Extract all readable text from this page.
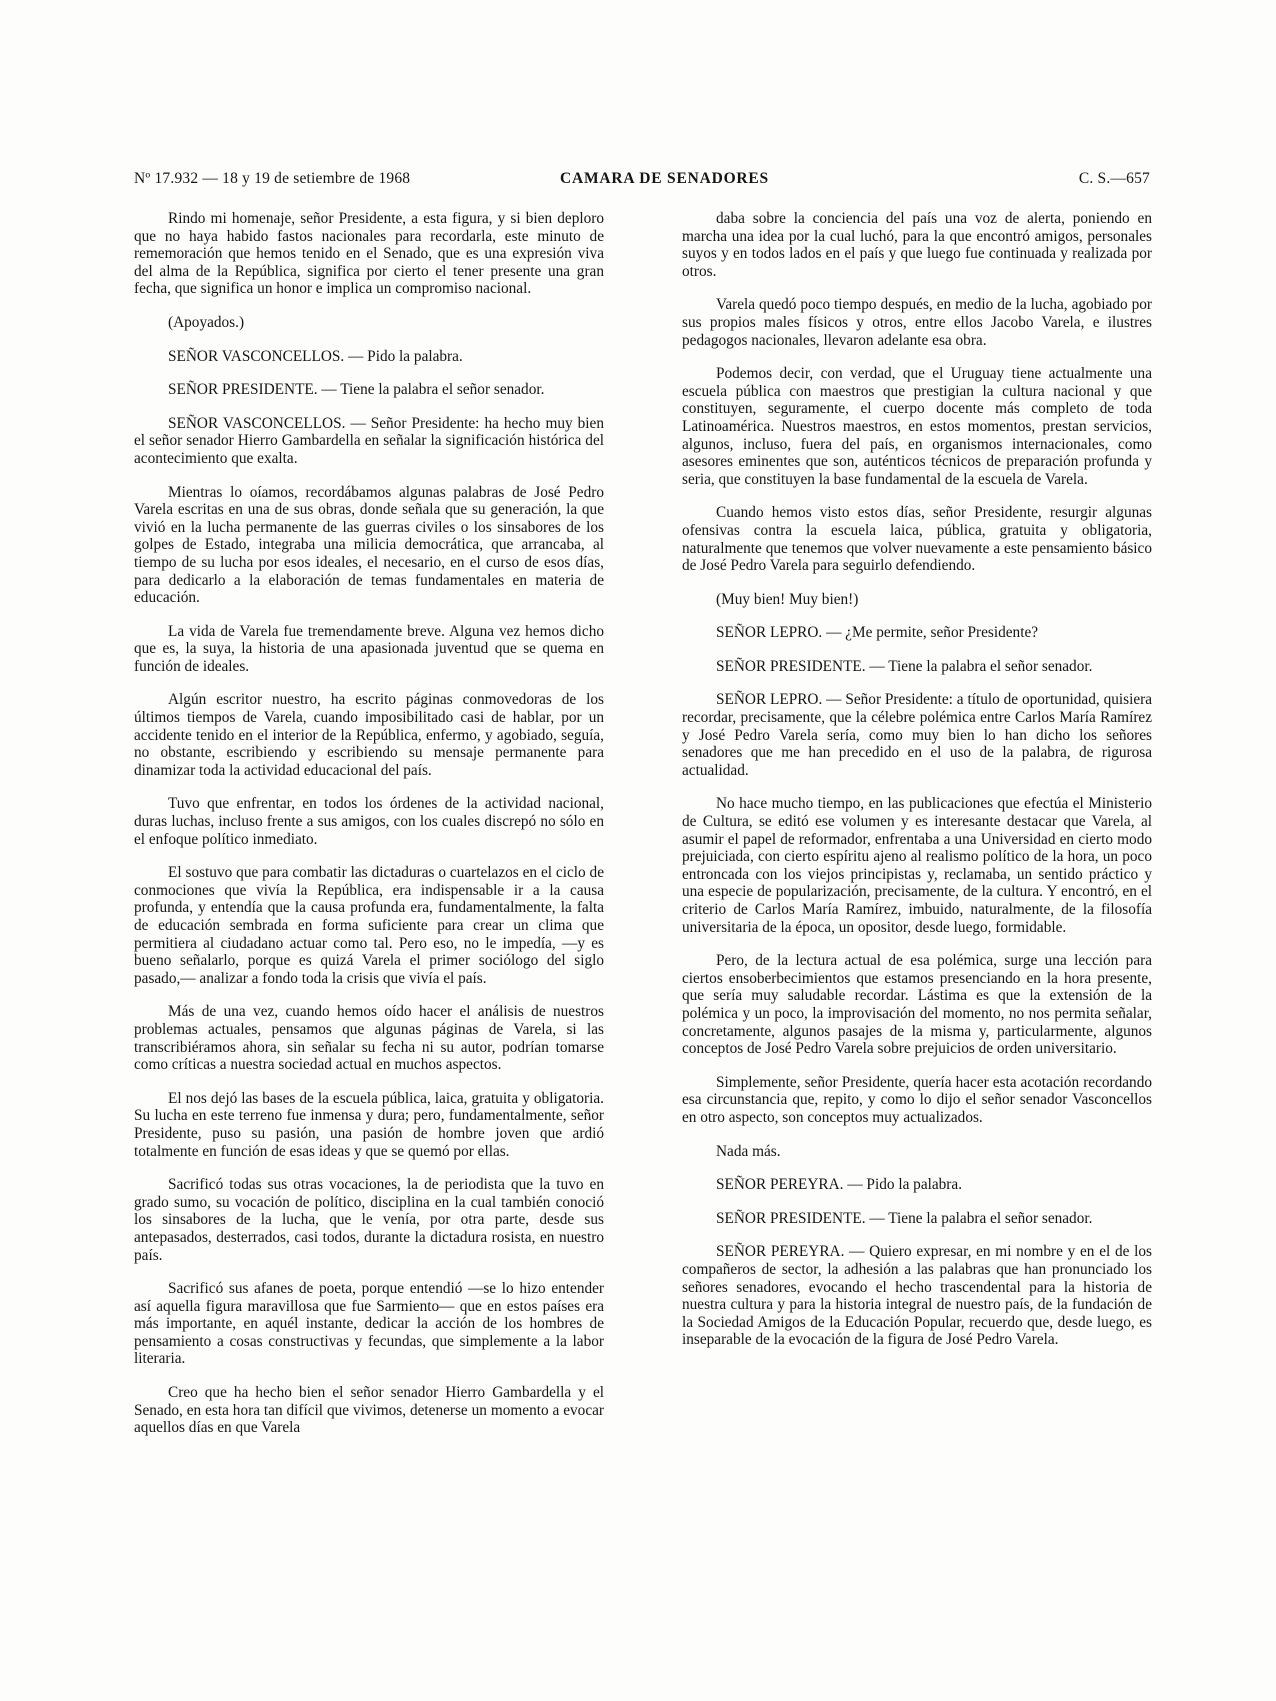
Nº 17.932 — 18 y 19 de setiembre de 1968	CAMARA DE SENADORES	C. S.—657

Rindo mi homenaje, señor Presidente, a esta figura, y si bien deploro que no haya habido fastos nacionales para recordarla, este minuto de rememoración que hemos tenido en el Senado, que es una expresión viva del alma de la República, significa por cierto el tener presente una gran fecha, que significa un honor e implica un compromiso nacional.

(Apoyados.)

SEÑOR VASCONCELLOS. — Pido la palabra.

SEÑOR PRESIDENTE. — Tiene la palabra el señor senador.

SEÑOR VASCONCELLOS. — Señor Presidente: ha hecho muy bien el señor senador Hierro Gambardella en señalar la significación histórica del acontecimiento que exalta.

Mientras lo oíamos, recordábamos algunas palabras de José Pedro Varela escritas en una de sus obras, donde señala que su generación, la que vivió en la lucha permanente de las guerras civiles o los sinsabores de los golpes de Estado, integraba una milicia democrática, que arrancaba, al tiempo de su lucha por esos ideales, el necesario, en el curso de esos días, para dedicarlo a la elaboración de temas fundamentales en materia de educación.

La vida de Varela fue tremendamente breve. Alguna vez hemos dicho que es, la suya, la historia de una apasionada juventud que se quema en función de ideales.

Algún escritor nuestro, ha escrito páginas conmovedoras de los últimos tiempos de Varela, cuando imposibilitado casi de hablar, por un accidente tenido en el interior de la República, enfermo, y agobiado, seguía, no obstante, escribiendo y escribiendo su mensaje permanente para dinamizar toda la actividad educacional del país.

Tuvo que enfrentar, en todos los órdenes de la actividad nacional, duras luchas, incluso frente a sus amigos, con los cuales discrepó no sólo en el enfoque político inmediato.

El sostuvo que para combatir las dictaduras o cuartelazos en el ciclo de conmociones que vivía la República, era indispensable ir a la causa profunda, y entendía que la causa profunda era, fundamentalmente, la falta de educación sembrada en forma suficiente para crear un clima que permitiera al ciudadano actuar como tal. Pero eso, no le impedía, —y es bueno señalarlo, porque es quizá Varela el primer sociólogo del siglo pasado,— analizar a fondo toda la crisis que vivía el país.

Más de una vez, cuando hemos oído hacer el análisis de nuestros problemas actuales, pensamos que algunas páginas de Varela, si las transcribiéramos ahora, sin señalar su fecha ni su autor, podrían tomarse como críticas a nuestra sociedad actual en muchos aspectos.

El nos dejó las bases de la escuela pública, laica, gratuita y obligatoria. Su lucha en este terreno fue inmensa y dura; pero, fundamentalmente, señor Presidente, puso su pasión, una pasión de hombre joven que ardió totalmente en función de esas ideas y que se quemó por ellas.

Sacrificó todas sus otras vocaciones, la de periodista que la tuvo en grado sumo, su vocación de político, disciplina en la cual también conoció los sinsabores de la lucha, que le venía, por otra parte, desde sus antepasados, desterrados, casi todos, durante la dictadura rosista, en nuestro país.

Sacrificó sus afanes de poeta, porque entendió —se lo hizo entender así aquella figura maravillosa que fue Sarmiento— que en estos países era más importante, en aquél instante, dedicar la acción de los hombres de pensamiento a cosas constructivas y fecundas, que simplemente a la labor literaria.

Creo que ha hecho bien el señor senador Hierro Gambardella y el Senado, en esta hora tan difícil que vivimos, detenerse un momento a evocar aquellos días en que Varela

daba sobre la conciencia del país una voz de alerta, poniendo en marcha una idea por la cual luchó, para la que encontró amigos, personales suyos y en todos lados en el país y que luego fue continuada y realizada por otros.

Varela quedó poco tiempo después, en medio de la lucha, agobiado por sus propios males físicos y otros, entre ellos Jacobo Varela, e ilustres pedagogos nacionales, llevaron adelante esa obra.

Podemos decir, con verdad, que el Uruguay tiene actualmente una escuela pública con maestros que prestigian la cultura nacional y que constituyen, seguramente, el cuerpo docente más completo de toda Latinoamérica. Nuestros maestros, en estos momentos, prestan servicios, algunos, incluso, fuera del país, en organismos internacionales, como asesores eminentes que son, auténticos técnicos de preparación profunda y seria, que constituyen la base fundamental de la escuela de Varela.

Cuando hemos visto estos días, señor Presidente, resurgir algunas ofensivas contra la escuela laica, pública, gratuita y obligatoria, naturalmente que tenemos que volver nuevamente a este pensamiento básico de José Pedro Varela para seguirlo defendiendo.

(Muy bien! Muy bien!)

SEÑOR LEPRO. — ¿Me permite, señor Presidente?

SEÑOR PRESIDENTE. — Tiene la palabra el señor senador.

SEÑOR LEPRO. — Señor Presidente: a título de oportunidad, quisiera recordar, precisamente, que la célebre polémica entre Carlos María Ramírez y José Pedro Varela sería, como muy bien lo han dicho los señores senadores que me han precedido en el uso de la palabra, de rigurosa actualidad.

No hace mucho tiempo, en las publicaciones que efectúa el Ministerio de Cultura, se editó ese volumen y es interesante destacar que Varela, al asumir el papel de reformador, enfrentaba a una Universidad en cierto modo prejuiciada, con cierto espíritu ajeno al realismo político de la hora, un poco entroncada con los viejos principistas y, reclamaba, un sentido práctico y una especie de popularización, precisamente, de la cultura. Y encontró, en el criterio de Carlos María Ramírez, imbuido, naturalmente, de la filosofía universitaria de la época, un opositor, desde luego, formidable.

Pero, de la lectura actual de esa polémica, surge una lección para ciertos ensoberbecimientos que estamos presenciando en la hora presente, que sería muy saludable recordar. Lástima es que la extensión de la polémica y un poco, la improvisación del momento, no nos permita señalar, concretamente, algunos pasajes de la misma y, particularmente, algunos conceptos de José Pedro Varela sobre prejuicios de orden universitario.

Simplemente, señor Presidente, quería hacer esta acotación recordando esa circunstancia que, repito, y como lo dijo el señor senador Vasconcellos en otro aspecto, son conceptos muy actualizados.

Nada más.

SEÑOR PEREYRA. — Pido la palabra.

SEÑOR PRESIDENTE. — Tiene la palabra el señor senador.

SEÑOR PEREYRA. — Quiero expresar, en mi nombre y en el de los compañeros de sector, la adhesión a las palabras que han pronunciado los señores senadores, evocando el hecho trascendental para la historia de nuestra cultura y para la historia integral de nuestro país, de la fundación de la Sociedad Amigos de la Educación Popular, recuerdo que, desde luego, es inseparable de la evocación de la figura de José Pedro Varela.
